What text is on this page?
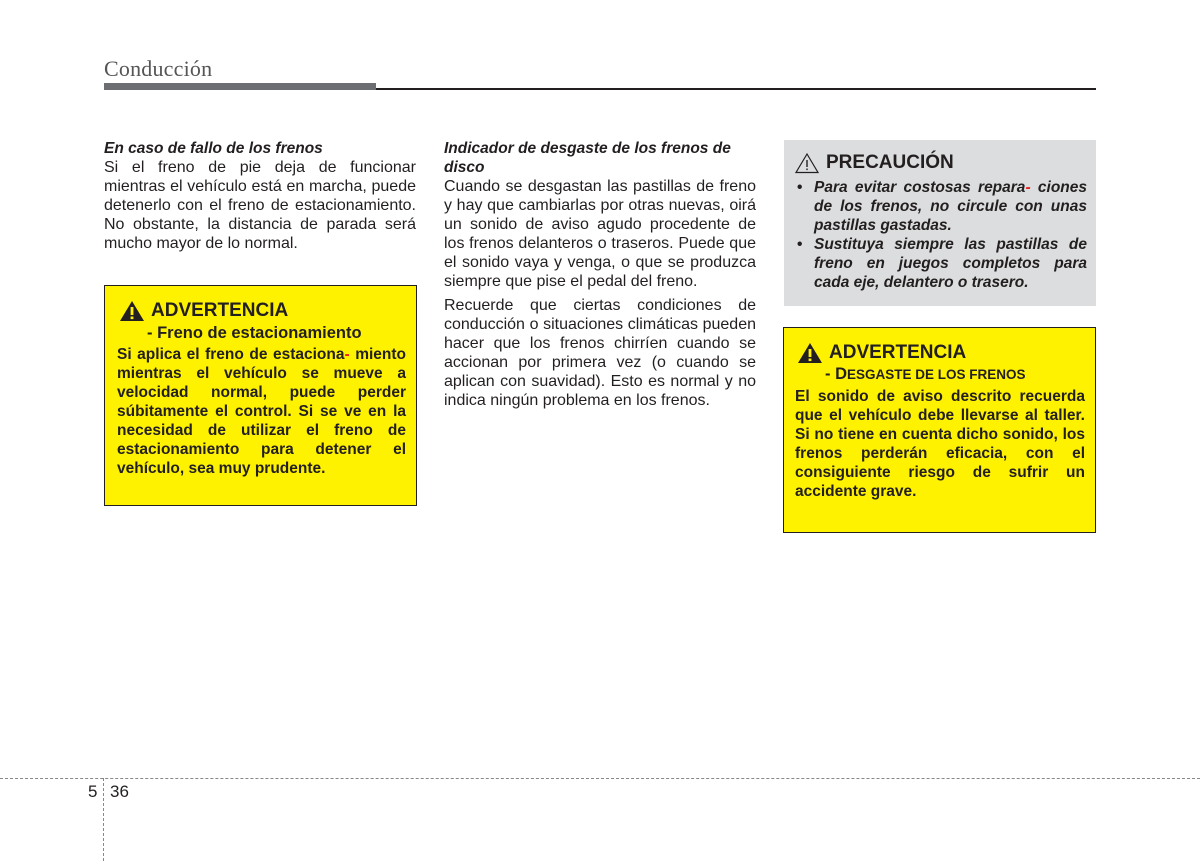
Conducción
En caso de fallo de los frenos

Si el freno de pie deja de funcionar mientras el vehículo está en marcha, puede detenerlo con el freno de estacionamiento. No obstante, la distancia de parada será mucho mayor de lo normal.

ADVERTENCIA
- Freno de estacionamiento
Si aplica el freno de estaciona- miento mientras el vehículo se mueve a velocidad normal, puede perder súbitamente el control. Si se ve en la necesidad de utilizar el freno de estacionamiento para detener el vehículo, sea muy prudente.
Indicador de desgaste de los frenos de disco

Cuando se desgastan las pastillas de freno y hay que cambiarlas por otras nuevas, oirá un sonido de aviso agudo procedente de los frenos delanteros o traseros. Puede que el sonido vaya y venga, o que se produzca siempre que pise el pedal del freno.

Recuerde que ciertas condiciones de conducción o situaciones climáticas pueden hacer que los frenos chirríen cuando se accionan por primera vez (o cuando se aplican con suavidad). Esto es normal y no indica ningún problema en los frenos.

PRECAUCIÓN
• Para evitar costosas repara- ciones de los frenos, no circule con unas pastillas gastadas.
• Sustituya siempre las pastillas de freno en juegos completos para cada eje, delantero o trasero.
ADVERTENCIA
- DESGASTE DE LOS FRENOS
El sonido de aviso descrito recuerda que el vehículo debe llevarse al taller. Si no tiene en cuenta dicho sonido, los frenos perderán eficacia, con el consiguiente riesgo de sufrir un accidente grave.
5 36
